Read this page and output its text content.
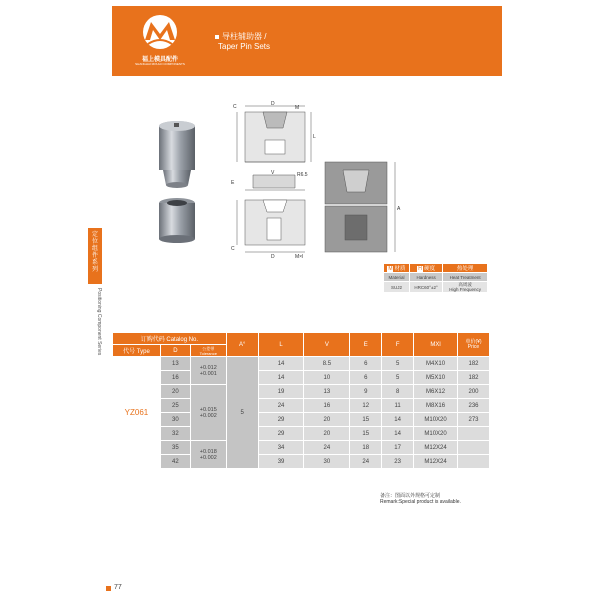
福上模具配件
SHANGHAI MOULD COMPONENTS
导柱辅助器 /
Taper Pin Sets
定位组件系列
Positioning Component Series
D
M
C
L
V	R6.5
E
D	M×l
C
A
M 材质	H 硬度	热处理
Material	Hardness	Heat Treatment
SUJ2	HRC60°±2°	高周波
High Frequency
订购代码 Catalog No.			A°	L	V	E	F	MXl	单价(¥)
Price

代号 Type	D	公差带
Tolerance							

YZ061	13	+0.012
+0.001	5	14	8.5	6	5	M4X10	182
	16			14	10	6	5	M5X10	182
	20	+0.015
+0.002		19	13	9	8	M6X12	200
	25			24	16	12	11	M8X16	236
	30			29	20	15	14	M10X20	273
	32			29	20	15	14	M10X20	
	35	+0.018
+0.002		34	24	18	17	M12X24	
	42			39	30	24	23	M12X24	
备注：图面以外规格可定制
Remark:Special product is available.
77
